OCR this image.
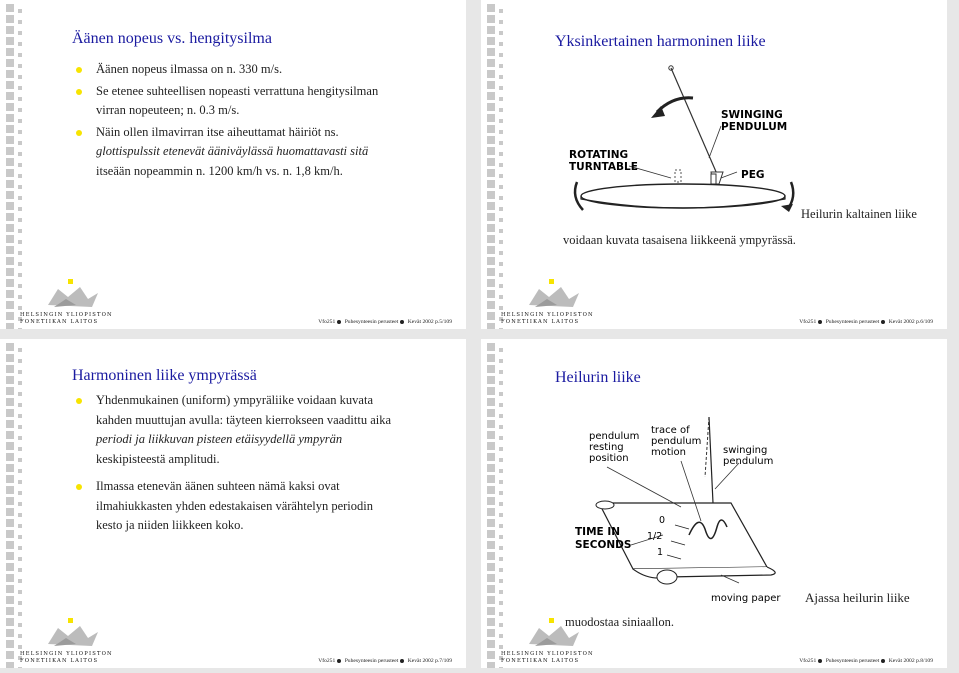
Äänen nopeus vs. hengitysilma
Äänen nopeus ilmassa on n. 330 m/s.
Se etenee suhteellisen nopeasti verrattuna hengitysilman
virran nopeuteen; n. 0.3 m/s.
Näin ollen ilmavirran itse aiheuttamat häiriöt ns.
glottispulssit etenevät ääniväylässä huomattavasti sitä
itseään nopeammin n. 1200 km/h vs. n. 1,8 km/h.
HELSINGIN YLIOPISTON
FONETIIKAN LAITOS	Vfo251 Puhesynteesin perusteet Kevät 2002 p.5/109
Yksinkertainen harmoninen liike
ROTATING
TURNTABLE
SWINGING
PENDULUM
PEG
Heilurin kaltainen liike
voidaan kuvata tasaisena liikkeenä ympyrässä.
HELSINGIN YLIOPISTON
FONETIIKAN LAITOS	Vfo251 Puhesynteesin perusteet Kevät 2002 p.6/109
Harmoninen liike ympyrässä
Yhdenmukainen (uniform) ympyräliike voidaan kuvata
kahden muuttujan avulla: täyteen kierrokseen vaadittu aika
periodi ja liikkuvan pisteen etäisyydellä ympyrän
keskipisteestä amplitudi.
Ilmassa etenevän äänen suhteen nämä kaksi ovat
ilmahiukkasten yhden edestakaisen värähtelyn periodin
kesto ja niiden liikkeen koko.
HELSINGIN YLIOPISTON
FONETIIKAN LAITOS	Vfo251 Puhesynteesin perusteet Kevät 2002 p.7/109
Heilurin liike
pendulum
resting
position
trace of
pendulum
motion	swinging
pendulum
TIME IN
SECONDS
0
1/2
1
moving paper Ajassa heilurin liike
muodostaa siniaallon.
HELSINGIN YLIOPISTON
FONETIIKAN LAITOS	Vfo251 Puhesynteesin perusteet Kevät 2002 p.8/109
